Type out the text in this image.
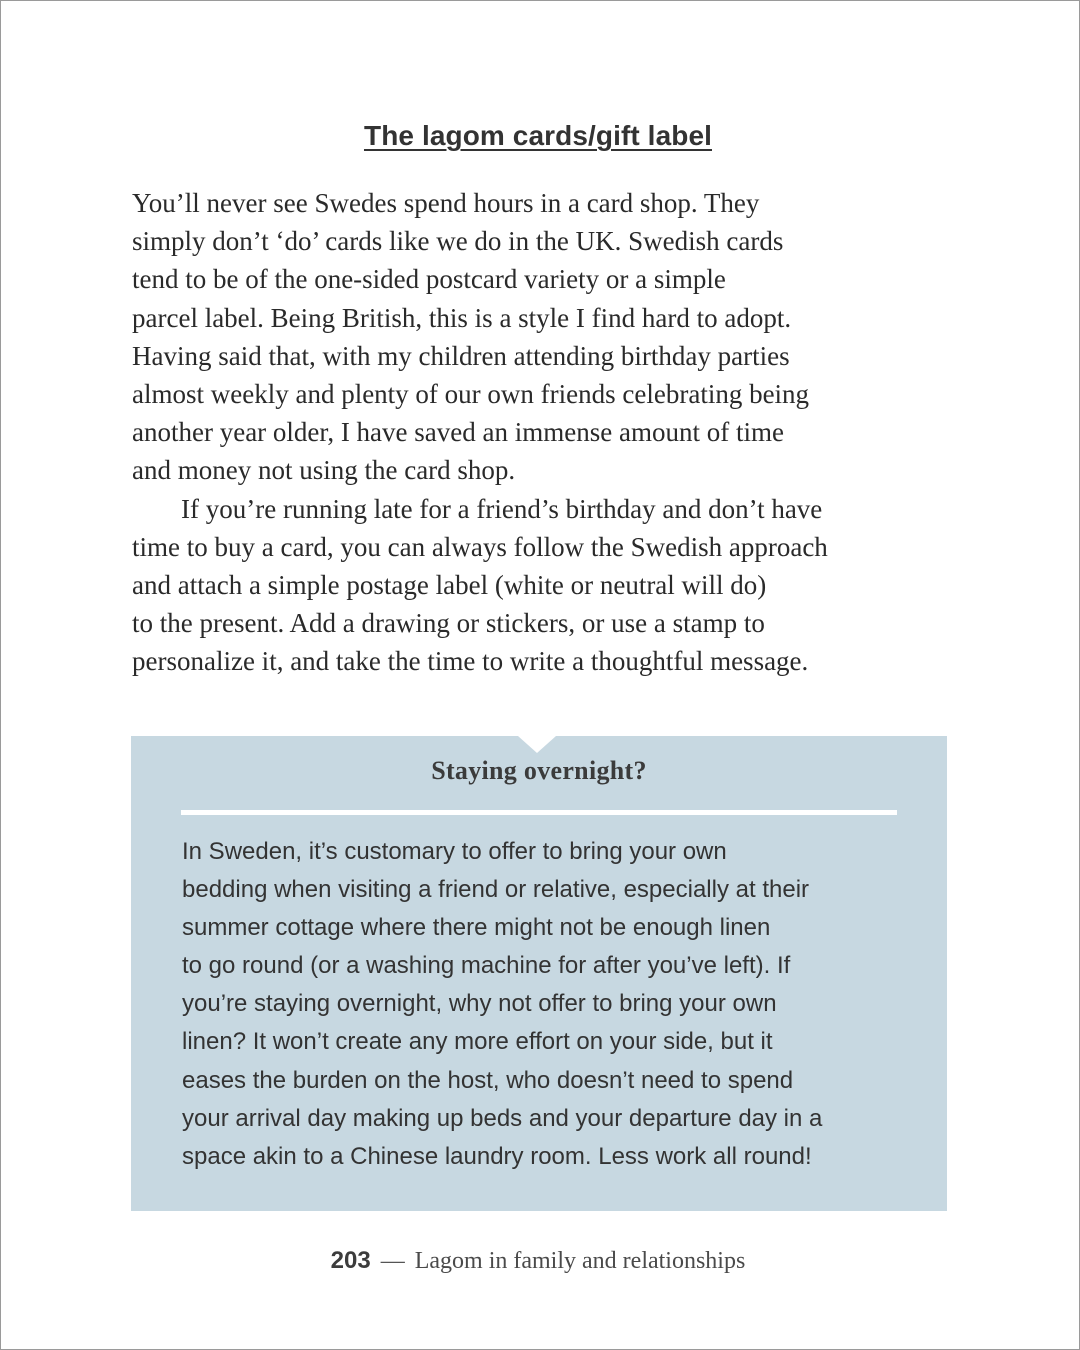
The lagom cards/gift label

You’ll never see Swedes spend hours in a card shop. They
simply don’t ‘do’ cards like we do in the UK. Swedish cards
tend to be of the one-sided postcard variety or a simple
parcel label. Being British, this is a style I find hard to adopt.
Having said that, with my children attending birthday parties
almost weekly and plenty of our own friends celebrating being
another year older, I have saved an immense amount of time
and money not using the card shop.

If you’re running late for a friend’s birthday and don’t have
time to buy a card, you can always follow the Swedish approach
and attach a simple postage label (white or neutral will do)
to the present. Add a drawing or stickers, or use a stamp to
personalize it, and take the time to write a thoughtful message.

Staying overnight?
In Sweden, it’s customary to offer to bring your own
bedding when visiting a friend or relative, especially at their
summer cottage where there might not be enough linen
to go round (or a washing machine for after you’ve left). If
you’re staying overnight, why not offer to bring your own
linen? It won’t create any more effort on your side, but it
eases the burden on the host, who doesn’t need to spend
your arrival day making up beds and your departure day in a
space akin to a Chinese laundry room. Less work all round!
203 — Lagom in family and relationships
